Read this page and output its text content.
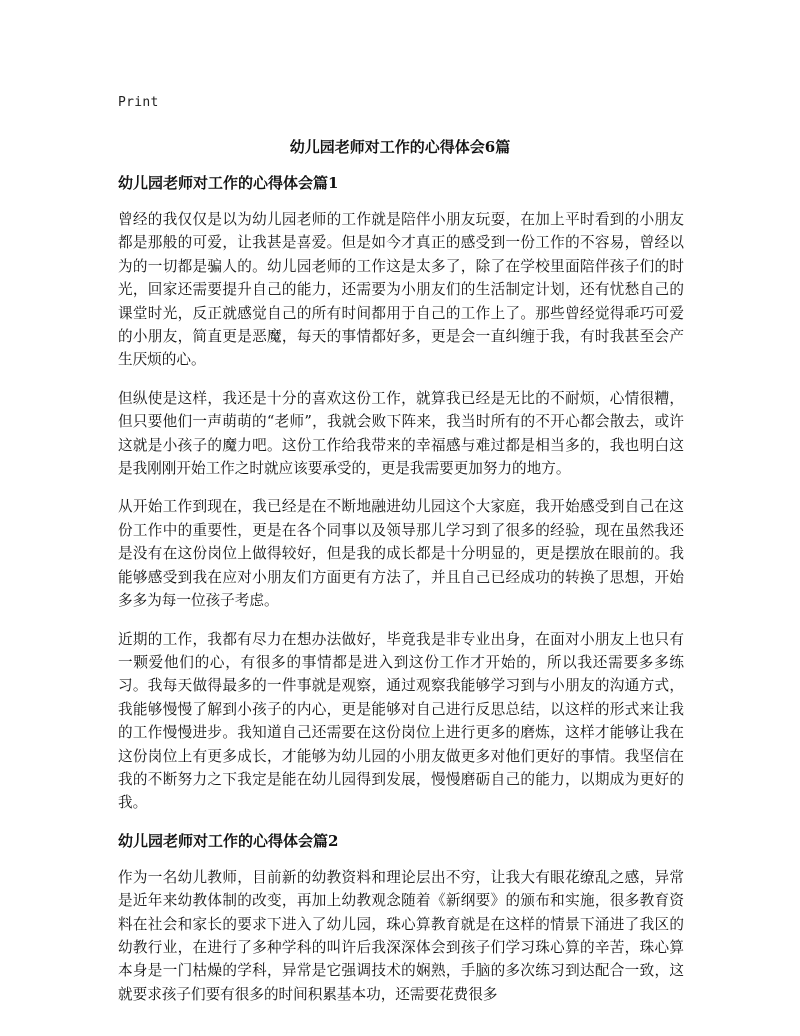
Print
幼儿园老师对工作的心得体会6篇
幼儿园老师对工作的心得体会篇1

曾经的我仅仅是以为幼儿园老师的工作就是陪伴小朋友玩耍，在加上平时看到的小朋友都是那般的可爱，让我甚是喜爱。但是如今才真正的感受到一份工作的不容易，曾经以为的一切都是骗人的。幼儿园老师的工作这是太多了，除了在学校里面陪伴孩子们的时光，回家还需要提升自己的能力，还需要为小朋友们的生活制定计划，还有忧愁自己的课堂时光，反正就感觉自己的所有时间都用于自己的工作上了。那些曾经觉得乖巧可爱的小朋友，简直更是恶魔，每天的事情都好多，更是会一直纠缠于我，有时我甚至会产生厌烦的心。

但纵使是这样，我还是十分的喜欢这份工作，就算我已经是无比的不耐烦，心情很糟，但只要他们一声萌萌的“老师”，我就会败下阵来，我当时所有的不开心都会散去，或许这就是小孩子的魔力吧。这份工作给我带来的幸福感与难过都是相当多的，我也明白这是我刚刚开始工作之时就应该要承受的，更是我需要更加努力的地方。

从开始工作到现在，我已经是在不断地融进幼儿园这个大家庭，我开始感受到自己在这份工作中的重要性，更是在各个同事以及领导那儿学习到了很多的经验，现在虽然我还是没有在这份岗位上做得较好，但是我的成长都是十分明显的，更是摆放在眼前的。我能够感受到我在应对小朋友们方面更有方法了，并且自己已经成功的转换了思想，开始多多为每一位孩子考虑。

近期的工作，我都有尽力在想办法做好，毕竟我是非专业出身，在面对小朋友上也只有一颗爱他们的心，有很多的事情都是进入到这份工作才开始的，所以我还需要多多练习。我每天做得最多的一件事就是观察，通过观察我能够学习到与小朋友的沟通方式，我能够慢慢了解到小孩子的内心，更是能够对自己进行反思总结，以这样的形式来让我的工作慢慢进步。我知道自己还需要在这份岗位上进行更多的磨炼，这样才能够让我在这份岗位上有更多成长，才能够为幼儿园的小朋友做更多对他们更好的事情。我坚信在我的不断努力之下我定是能在幼儿园得到发展，慢慢磨砺自己的能力，以期成为更好的我。

幼儿园老师对工作的心得体会篇2

作为一名幼儿教师，目前新的幼教资料和理论层出不穷，让我大有眼花缭乱之感，异常是近年来幼教体制的改变，再加上幼教观念随着《新纲要》的颁布和实施，很多教育资料在社会和家长的要求下进入了幼儿园，珠心算教育就是在这样的情景下涌进了我区的幼教行业，在进行了多种学科的叫许后我深深体会到孩子们学习珠心算的辛苦，珠心算本身是一门枯燥的学科，异常是它强调技术的娴熟，手脑的多次练习到达配合一致，这就要求孩子们要有很多的时间积累基本功，还需要花费很多
